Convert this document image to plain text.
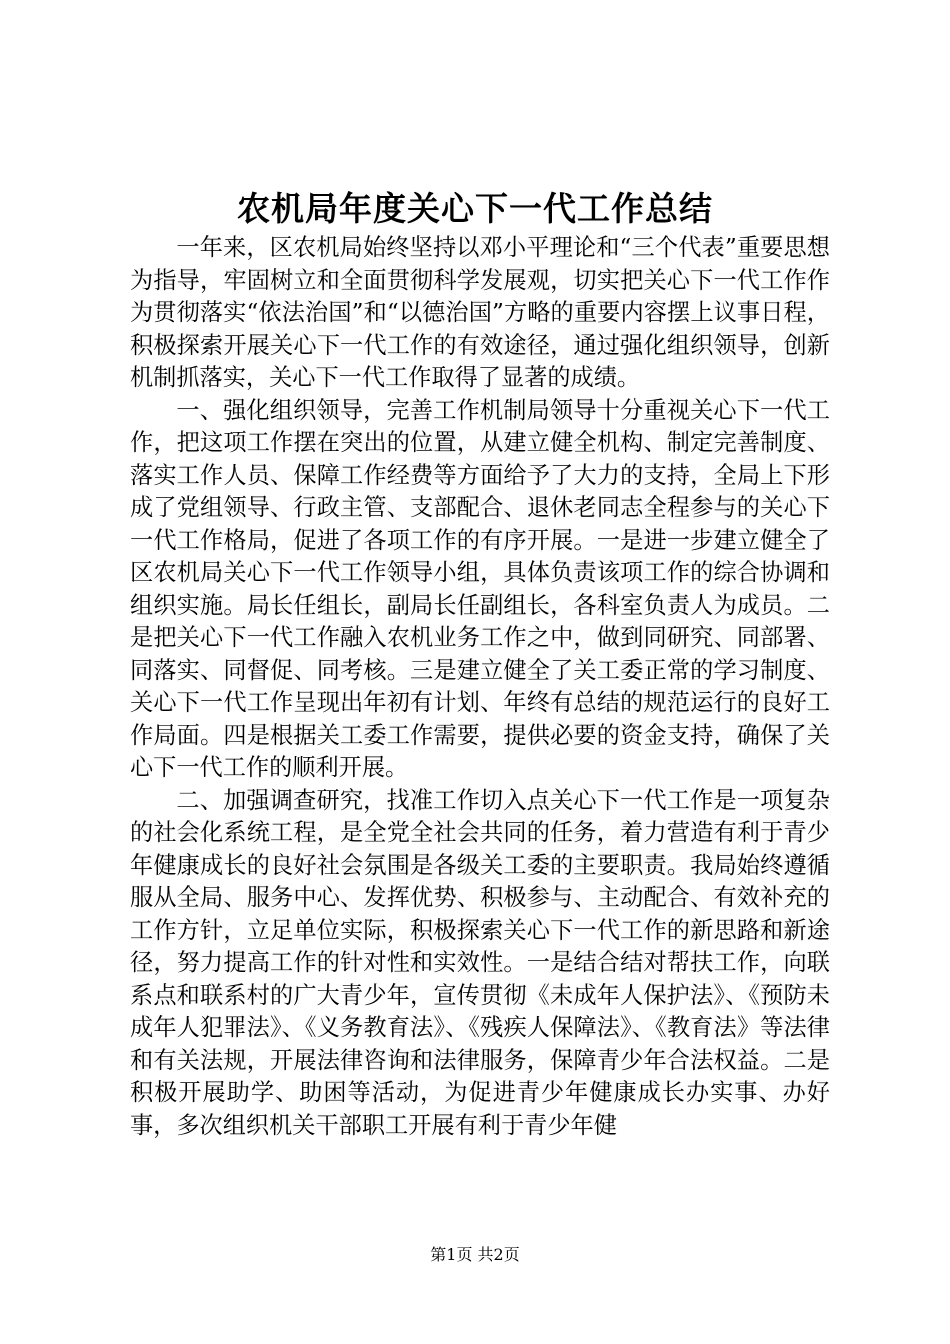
农机局年度关心下一代工作总结

一年来，区农机局始终坚持以邓小平理论和“三个代表”重要思想为指导，牢固树立和全面贯彻科学发展观，切实把关心下一代工作作为贯彻落实“依法治国”和“以德治国”方略的重要内容摆上议事日程，积极探索开展关心下一代工作的有效途径，通过强化组织领导，创新机制抓落实，关心下一代工作取得了显著的成绩。

一、强化组织领导，完善工作机制局领导十分重视关心下一代工作，把这项工作摆在突出的位置，从建立健全机构、制定完善制度、落实工作人员、保障工作经费等方面给予了大力的支持，全局上下形成了党组领导、行政主管、支部配合、退休老同志全程参与的关心下一代工作格局，促进了各项工作的有序开展。一是进一步建立健全了区农机局关心下一代工作领导小组，具体负责该项工作的综合协调和组织实施。局长任组长，副局长任副组长，各科室负责人为成员。二是把关心下一代工作融入农机业务工作之中，做到同研究、同部署、同落实、同督促、同考核。三是建立健全了关工委正常的学习制度、关心下一代工作呈现出年初有计划、年终有总结的规范运行的良好工作局面。四是根据关工委工作需要，提供必要的资金支持，确保了关心下一代工作的顺利开展。

二、加强调查研究，找准工作切入点关心下一代工作是一项复杂的社会化系统工程，是全党全社会共同的任务，着力营造有利于青少年健康成长的良好社会氛围是各级关工委的主要职责。我局始终遵循服从全局、服务中心、发挥优势、积极参与、主动配合、有效补充的工作方针，立足单位实际，积极探索关心下一代工作的新思路和新途径，努力提高工作的针对性和实效性。一是结合结对帮扶工作，向联系点和联系村的广大青少年，宣传贯彻《未成年人保护法》、《预防未成年人犯罪法》、《义务教育法》、《残疾人保障法》、《教育法》等法律和有关法规，开展法律咨询和法律服务，保障青少年合法权益。二是积极开展助学、助困等活动，为促进青少年健康成长办实事、办好事，多次组织机关干部职工开展有利于青少年健

第1页 共2页
